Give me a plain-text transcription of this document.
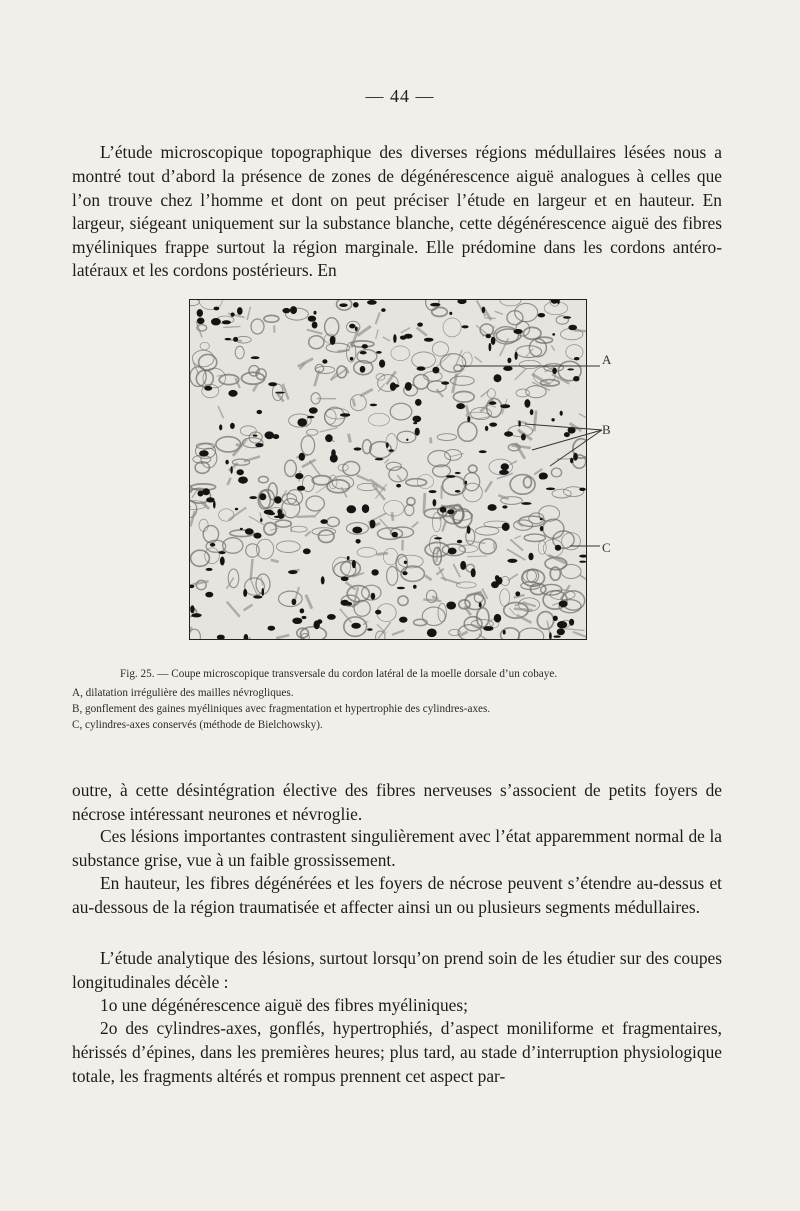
— 44 —

L’étude microscopique topographique des diverses régions médullaires lésées nous a montré tout d’abord la présence de zones de dégénérescence aiguë analogues à celles que l’on trouve chez l’homme et dont on peut préciser l’étude en largeur et en hauteur. En largeur, siégeant uniquement sur la substance blanche, cette dégénérescence aiguë des fibres myéliniques frappe surtout la région marginale. Elle prédomine dans les cordons antéro-latéraux et les cordons postérieurs. En

A
B
C
Fig. 25. — Coupe microscopique transversale du cordon latéral de la moelle dorsale d’un cobaye.
A, dilatation irrégulière des mailles névrogliques.
B, gonflement des gaines myéliniques avec fragmentation et hypertrophie des cylindres-axes.
C, cylindres-axes conservés (méthode de Bielchowsky).

outre, à cette désintégration élective des fibres nerveuses s’associent de petits foyers de nécrose intéressant neurones et névroglie.

Ces lésions importantes contrastent singulièrement avec l’état apparemment normal de la substance grise, vue à un faible grossissement.

En hauteur, les fibres dégénérées et les foyers de nécrose peuvent s’étendre au-dessus et au-dessous de la région traumatisée et affecter ainsi un ou plusieurs segments médullaires.

L’étude analytique des lésions, surtout lorsqu’on prend soin de les étudier sur des coupes longitudinales décèle :

1o une dégénérescence aiguë des fibres myéliniques;

2o des cylindres-axes, gonflés, hypertrophiés, d’aspect moniliforme et fragmentaires, hérissés d’épines, dans les premières heures; plus tard, au stade d’interruption physiologique totale, les fragments altérés et rompus prennent cet aspect par-
